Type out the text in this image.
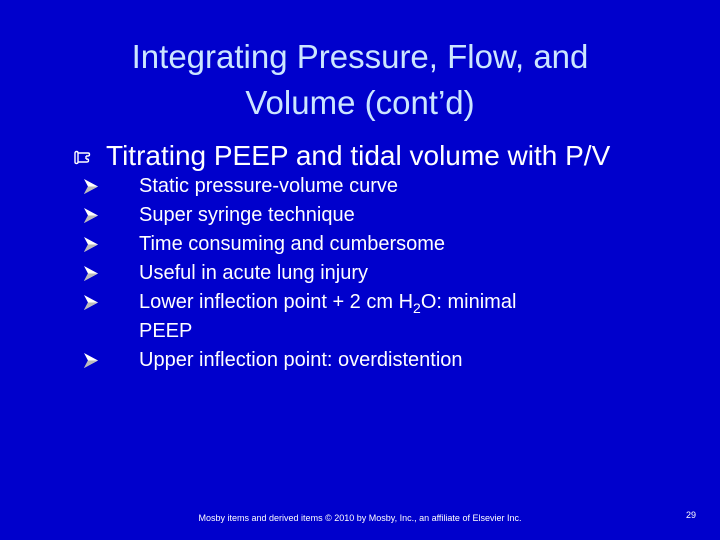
Integrating Pressure, Flow, and
Volume (cont’d)
Titrating PEEP and tidal volume with P/V
Static pressure-volume curve
Super syringe technique
Time consuming and cumbersome
Useful in acute lung injury
Lower inflection point + 2 cm $H_2O$: minimal
PEEP
Upper inflection point: overdistention
Mosby items and derived items © 2010 by Mosby, Inc., an affiliate of Elsevier Inc.	29
